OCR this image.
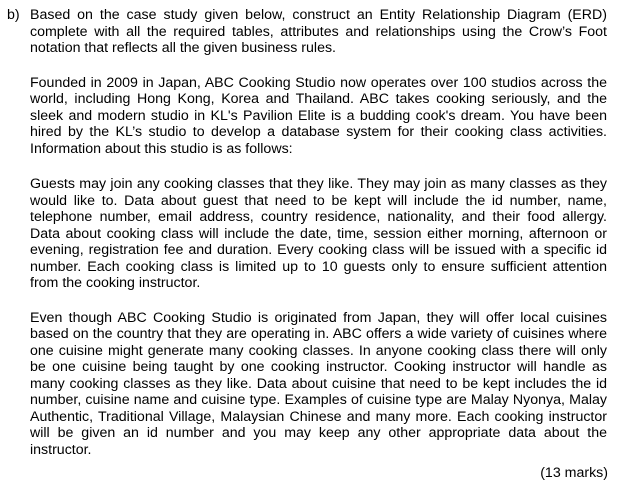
b) Based on the case study given below, construct an Entity Relationship Diagram (ERD) complete with all the required tables, attributes and relationships using the Crow’s Foot notation that reflects all the given business rules.

Founded in 2009 in Japan, ABC Cooking Studio now operates over 100 studios across the world, including Hong Kong, Korea and Thailand. ABC takes cooking seriously, and the sleek and modern studio in KL's Pavilion Elite is a budding cook's dream. You have been hired by the KL’s studio to develop a database system for their cooking class activities. Information about this studio is as follows:

Guests may join any cooking classes that they like. They may join as many classes as they would like to. Data about guest that need to be kept will include the id number, name, telephone number, email address, country residence, nationality, and their food allergy. Data about cooking class will include the date, time, session either morning, afternoon or evening, registration fee and duration. Every cooking class will be issued with a specific id number. Each cooking class is limited up to 10 guests only to ensure sufficient attention from the cooking instructor.

Even though ABC Cooking Studio is originated from Japan, they will offer local cuisines based on the country that they are operating in. ABC offers a wide variety of cuisines where one cuisine might generate many cooking classes. In anyone cooking class there will only be one cuisine being taught by one cooking instructor. Cooking instructor will handle as many cooking classes as they like. Data about cuisine that need to be kept includes the id number, cuisine name and cuisine type. Examples of cuisine type are Malay Nyonya, Malay Authentic, Traditional Village, Malaysian Chinese and many more. Each cooking instructor will be given an id number and you may keep any other appropriate data about the instructor.

(13 marks)
